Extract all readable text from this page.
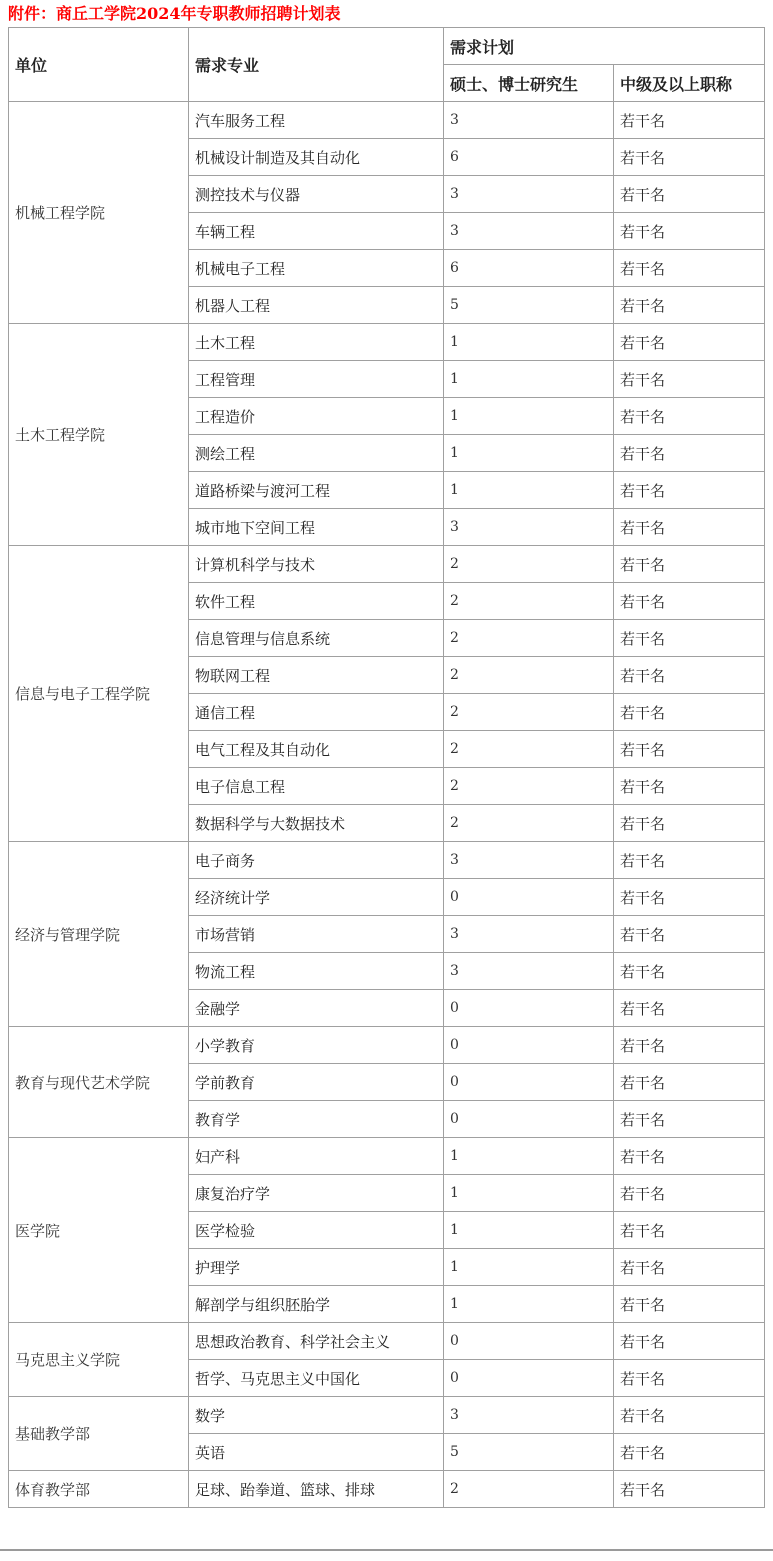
附件：商丘工学院2024年专职教师招聘计划表
单位	需求专业	需求计划	
		硕士、博士研究生	中级及以上职称
机械工程学院	汽车服务工程	3	若干名
	机械设计制造及其自动化	6	若干名
	测控技术与仪器	3	若干名
	车辆工程	3	若干名
	机械电子工程	6	若干名
	机器人工程	5	若干名
土木工程学院	土木工程	1	若干名
	工程管理	1	若干名
	工程造价	1	若干名
	测绘工程	1	若干名
	道路桥梁与渡河工程	1	若干名
	城市地下空间工程	3	若干名
信息与电子工程学院	计算机科学与技术	2	若干名
	软件工程	2	若干名
	信息管理与信息系统	2	若干名
	物联网工程	2	若干名
	通信工程	2	若干名
	电气工程及其自动化	2	若干名
	电子信息工程	2	若干名
	数据科学与大数据技术	2	若干名
经济与管理学院	电子商务	3	若干名
	经济统计学	0	若干名
	市场营销	3	若干名
	物流工程	3	若干名
	金融学	0	若干名
教育与现代艺术学院	小学教育	0	若干名
	学前教育	0	若干名
	教育学	0	若干名
医学院	妇产科	1	若干名
	康复治疗学	1	若干名
	医学检验	1	若干名
	护理学	1	若干名
	解剖学与组织胚胎学	1	若干名
马克思主义学院	思想政治教育、科学社会主义	0	若干名
	哲学、马克思主义中国化	0	若干名
基础教学部	数学	3	若干名
	英语	5	若干名
体育教学部	足球、跆拳道、篮球、排球	2	若干名
